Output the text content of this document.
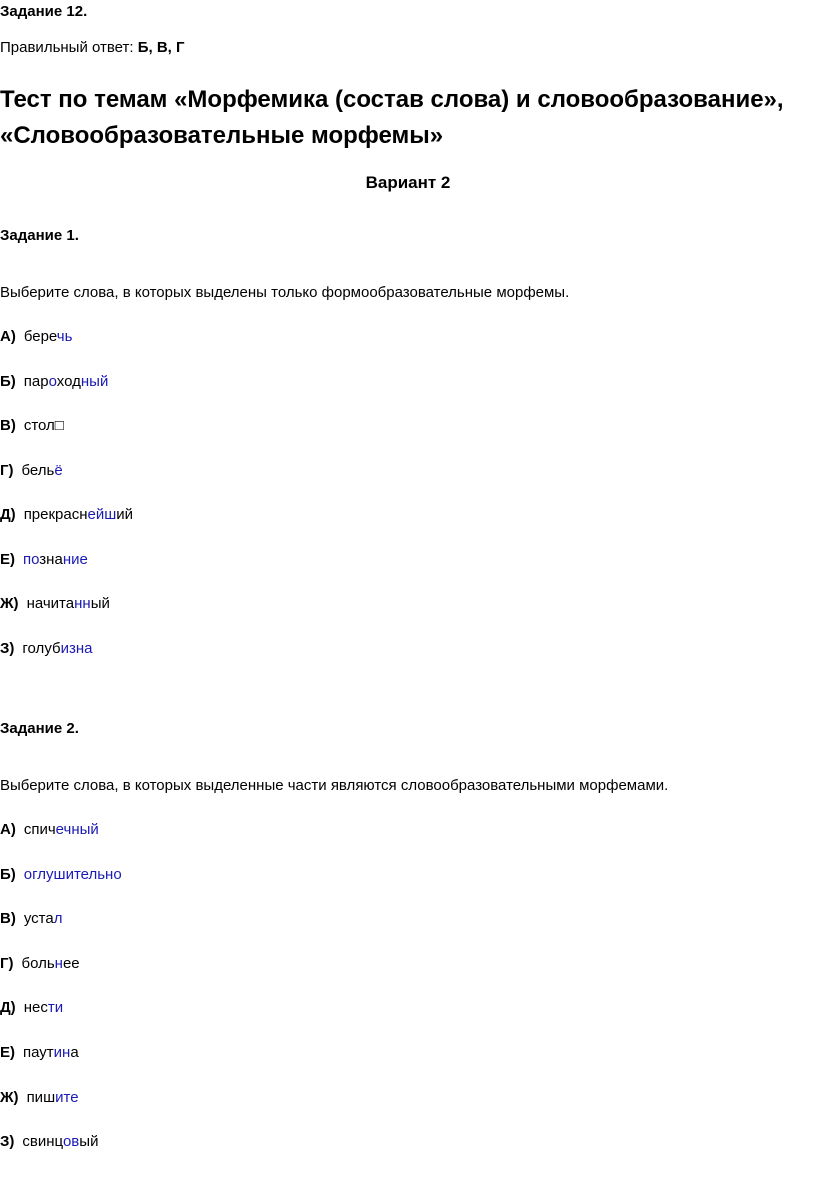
Задание 12.
Правильный ответ: Б, В, Г
Тест по темам «Морфемика (состав слова) и словообразование»,
«Словообразовательные морфемы»
Вариант 2
Задание 1.
Выберите слова, в которых выделены только формообразовательные морфемы.
А) беречь
Б) пароходный
В) стол□
Г) бельё
Д) прекраснейший
Е) познание
Ж) начитанный
З) голубизна
Задание 2.
Выберите слова, в которых выделенные части являются словообразовательными морфемами.
А) спичечный
Б) оглушительно
В) устал
Г) больнее
Д) нести
Е) паутина
Ж) пишите
З) свинцовый
